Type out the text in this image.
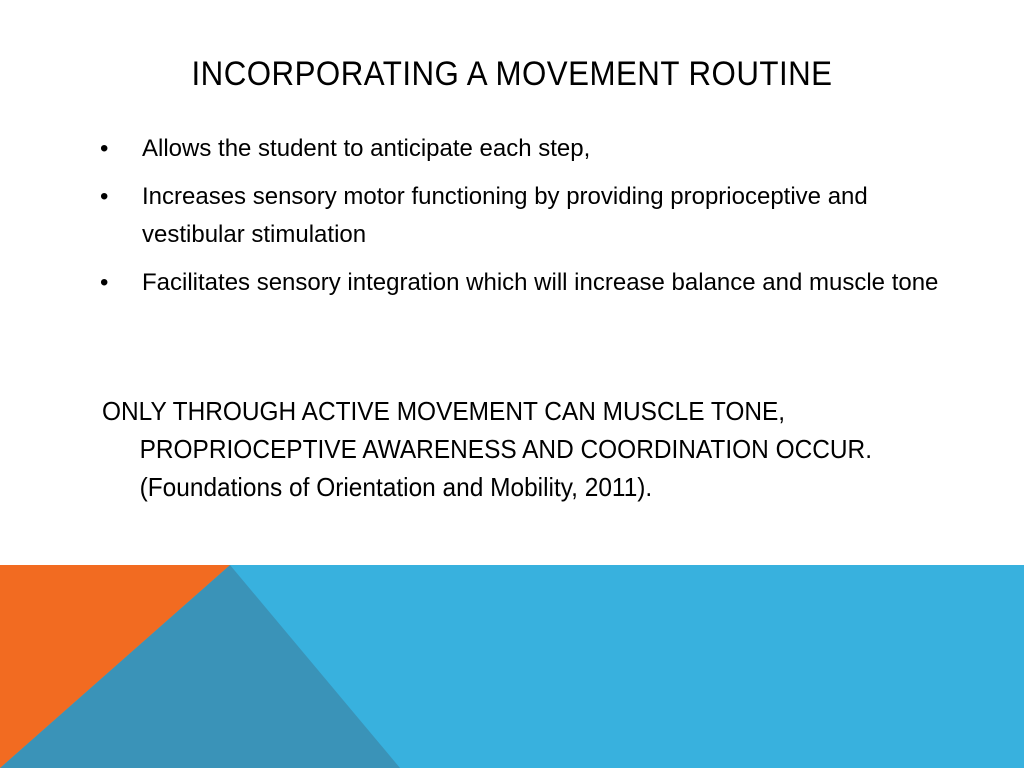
INCORPORATING A MOVEMENT ROUTINE
•	Allows the student to anticipate each step,
•	Increases sensory motor functioning by providing proprioceptive and vestibular stimulation
•	Facilitates sensory integration which will increase balance and muscle tone
ONLY THROUGH ACTIVE MOVEMENT CAN MUSCLE TONE, PROPRIOCEPTIVE AWARENESS AND COORDINATION OCCUR. (Foundations of Orientation and Mobility, 2011).
